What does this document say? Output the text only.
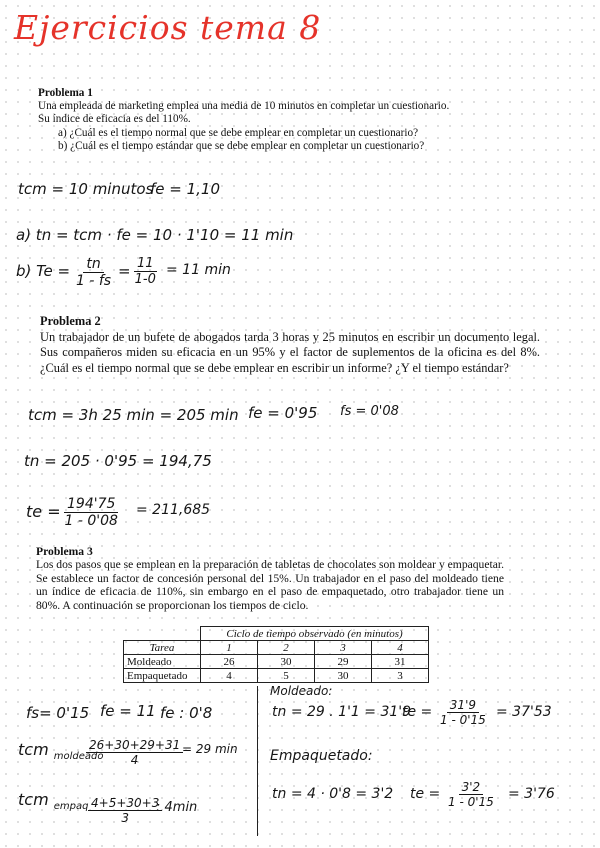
Ejercicios tema 8
Problema 1
Una empleada de marketing emplea una media de 10 minutos en completar un cuestionario.
Su índice de eficacia es del 110%.
a) ¿Cuál es el tiempo normal que se debe emplear en completar un cuestionario?
b) ¿Cuál es el tiempo estándar que se debe emplear en completar un cuestionario?
tcm = 10 minutos
fe = 1,10
a) tn = tcm · fe = 10 · 1'10 = 11 min
b) $Te = \frac{tn}{1 - fs} = \frac{11}{1-0} = 11$ min
Problema 2
Un trabajador de un bufete de abogados tarda 3 horas y 25 minutos en escribir un documento legal. Sus compañeros miden su eficacia en un 95% y el factor de suplementos de la oficina es del 8%. ¿Cuál es el tiempo normal que se debe emplear en escribir un informe? ¿Y el tiempo estándar?
tcm = 3h 25 min = 205 min fe = 0'95 fs = 0'08
tn = 205 · 0'95 = 194,75
te = $\frac{194'75}{1 - 0'08} = 211,685$
Problema 3
Los dos pasos que se emplean en la preparación de tabletas de chocolates son moldear y empaquetar. Se establece un factor de concesión personal del 15%. Un trabajador en el paso del moldeado tiene un índice de eficacia de 110%, sin embargo en el paso de empaquetado, otro trabajador tiene un 80%. A continuación se proporcionan los tiempos de ciclo.
	Ciclo de tiempo observado (en minutos)			
Tarea	1	2	3	4
Moldeado	26	30	29	31
Empaquetado	4	5	30	3
fs= 0'15 fe = 11 fe : 0'8
tcm $_{moldeado}$
$\frac{26+30+29+31}{4}$
= 29 min
tcm $_{empaq} \frac{4+5+30+3}{3}$
: 4min
Moldeado:
tn = 29 . 1'1 = 31'9
te = $\frac{31'9}{1 - 0'15} = 37'53$
Empaquetado:
tn = 4 · 0'8 = 3'2 te = $\frac{3'2}{1 - 0'15} = 3'76$
